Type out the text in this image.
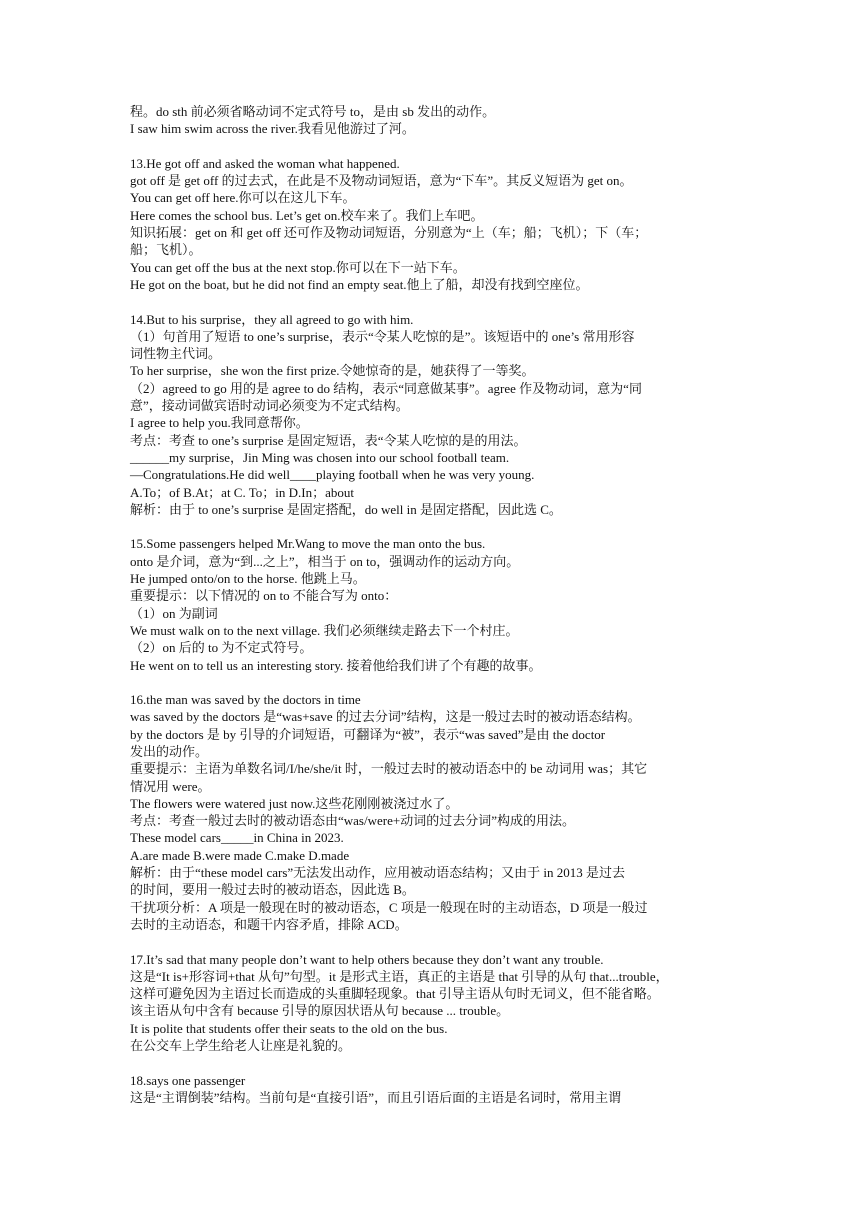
程。do sth 前必须省略动词不定式符号 to，是由 sb 发出的动作。
I saw him swim across the river.我看见他游过了河。
13.He got off and asked the woman what happened.
got off 是 get off 的过去式，在此是不及物动词短语，意为“下车”。其反义短语为 get on。
You can get off here.你可以在这儿下车。
Here comes the school bus. Let’s get on.校车来了。我们上车吧。
知识拓展：get on 和 get off 还可作及物动词短语，分别意为“上（车；船；飞机）；下（车；
船；飞机）。
You can get off the bus at the next stop.你可以在下一站下车。
He got on the boat, but he did not find an empty seat.他上了船，却没有找到空座位。
14.But to his surprise，they all agreed to go with him.
（1）句首用了短语 to one’s surprise，表示“令某人吃惊的是”。该短语中的 one’s 常用形容
词性物主代词。
To her surprise，she won the first prize.令她惊奇的是，她获得了一等奖。
（2）agreed to go 用的是 agree to do 结构，表示“同意做某事”。agree 作及物动词，意为“同
意”，接动词做宾语时动词必须变为不定式结构。
I agree to help you.我同意帮你。
考点：考查 to one’s surprise 是固定短语，表“令某人吃惊的是的用法。
______my surprise，Jin Ming was chosen into our school football team.
—Congratulations.He did well____playing football when he was very young.
A.To；of B.At；at C. To；in D.In；about
解析：由于 to one’s surprise 是固定搭配，do well in 是固定搭配，因此选 C。
15.Some passengers helped Mr.Wang to move the man onto the bus.
onto 是介词，意为“到...之上”，相当于 on to，强调动作的运动方向。
He jumped onto/on to the horse. 他跳上马。
重要提示：以下情况的 on to 不能合写为 onto：
（1）on 为副词
We must walk on to the next village. 我们必须继续走路去下一个村庄。
（2）on 后的 to 为不定式符号。
He went on to tell us an interesting story. 接着他给我们讲了个有趣的故事。
16.the man was saved by the doctors in time
was saved by the doctors 是“was+save 的过去分词”结构，这是一般过去时的被动语态结构。
by the doctors 是 by 引导的介词短语，可翻译为“被”，表示“was saved”是由 the doctor
发出的动作。
重要提示：主语为单数名词/I/he/she/it 时，一般过去时的被动语态中的 be 动词用 was；其它
情况用 were。
The flowers were watered just now.这些花刚刚被浇过水了。
考点：考查一般过去时的被动语态由“was/were+动词的过去分词”构成的用法。
These model cars_____in China in 2023.
A.are made B.were made C.make D.made
解析：由于“these model cars”无法发出动作，应用被动语态结构；又由于 in 2013 是过去
的时间，要用一般过去时的被动语态，因此选 B。
干扰项分析：A 项是一般现在时的被动语态，C 项是一般现在时的主动语态，D 项是一般过
去时的主动语态，和题干内容矛盾，排除 ACD。
17.It’s sad that many people don’t want to help others because they don’t want any trouble.
这是“It is+形容词+that 从句”句型。it 是形式主语，真正的主语是 that 引导的从句 that...trouble，
这样可避免因为主语过长而造成的头重脚轻现象。that 引导主语从句时无词义，但不能省略。
该主语从句中含有 because 引导的原因状语从句 because ... trouble。
It is polite that students offer their seats to the old on the bus.
在公交车上学生给老人让座是礼貌的。
18.says one passenger
这是“主谓倒装”结构。当前句是“直接引语”，而且引语后面的主语是名词时，常用主谓
